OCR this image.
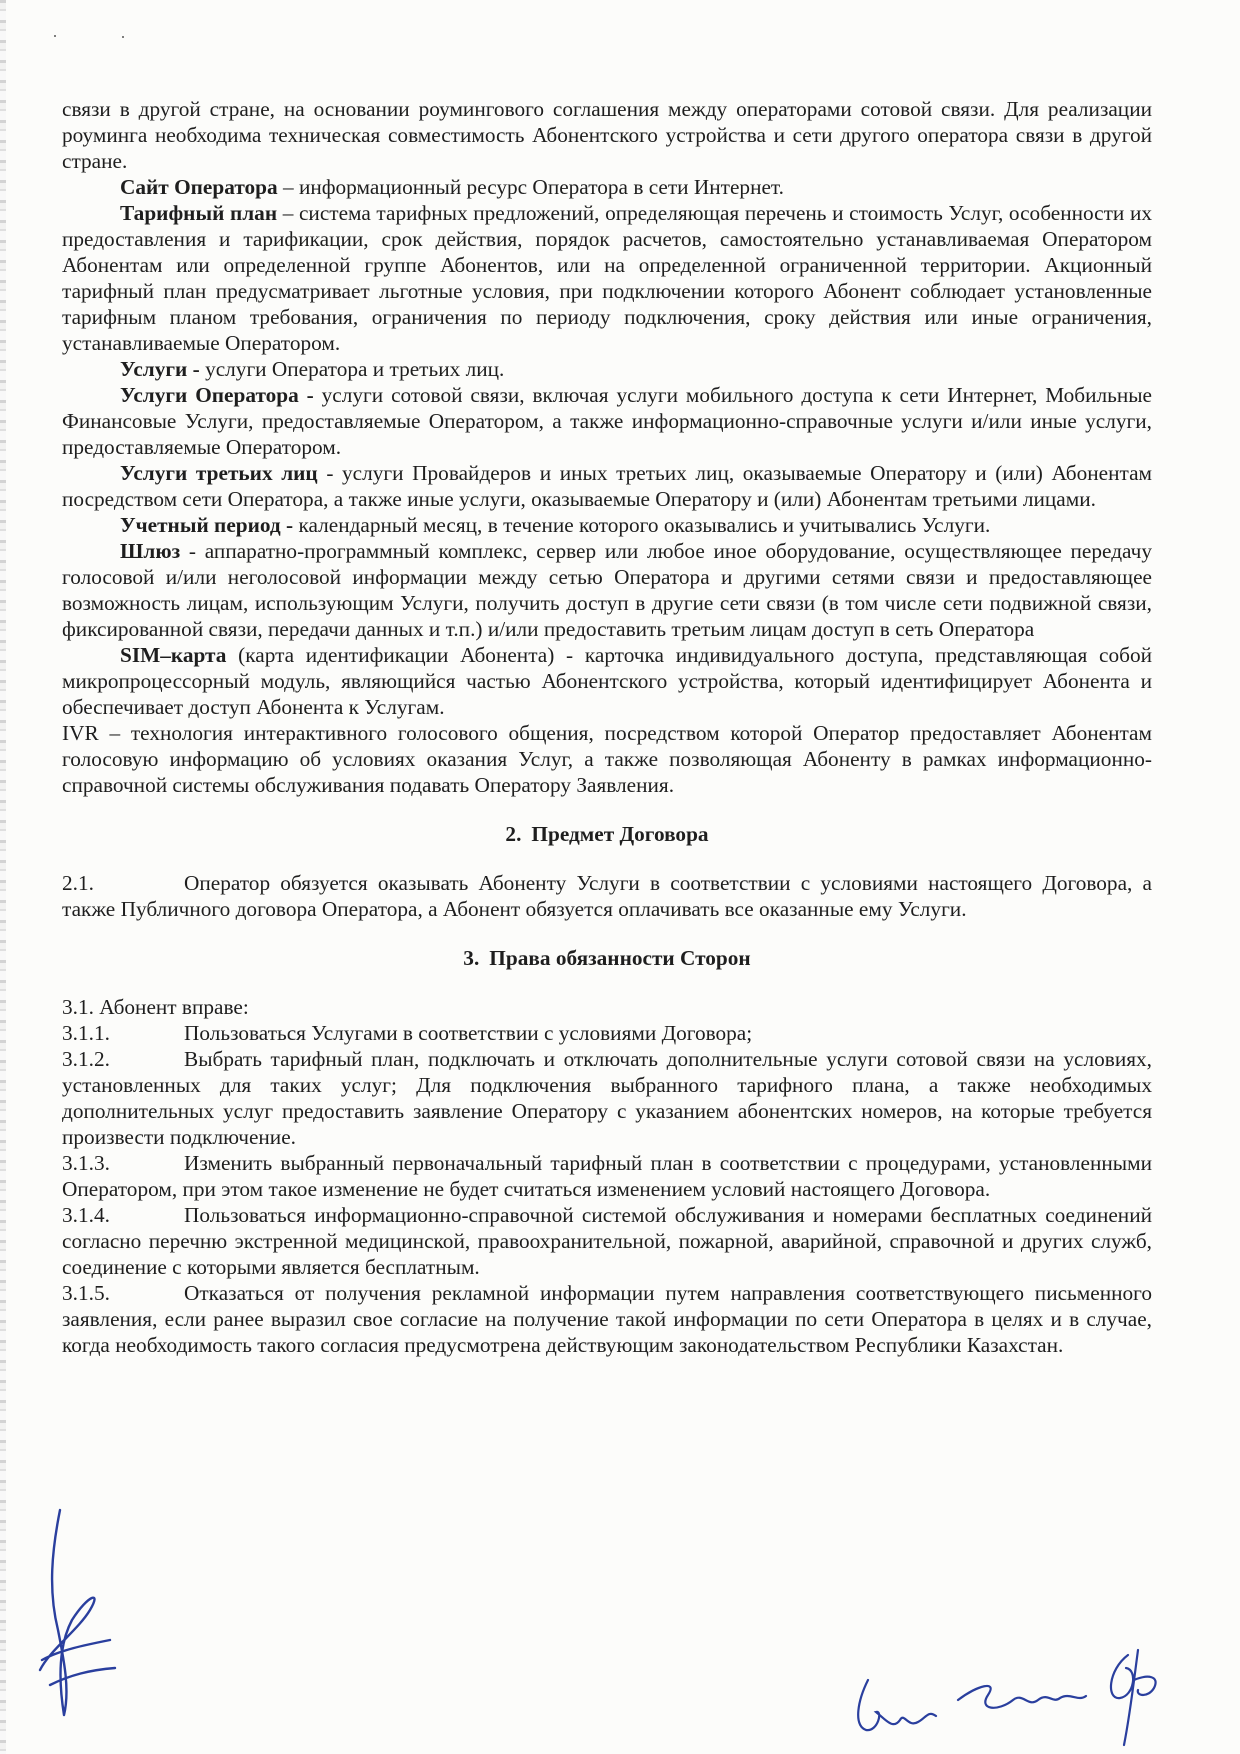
связи в другой стране, на основании роумингового соглашения между операторами сотовой связи. Для реализации роуминга необходима техническая совместимость Абонентского устройства и сети другого оператора связи в другой стране.

Сайт Оператора – информационный ресурс Оператора в сети Интернет.

Тарифный план – система тарифных предложений, определяющая перечень и стоимость Услуг, особенности их предоставления и тарификации, срок действия, порядок расчетов, самостоятельно устанавливаемая Оператором Абонентам или определенной группе Абонентов, или на определенной ограниченной территории. Акционный тарифный план предусматривает льготные условия, при подключении которого Абонент соблюдает установленные тарифным планом требования, ограничения по периоду подключения, сроку действия или иные ограничения, устанавливаемые Оператором.

Услуги - услуги Оператора и третьих лиц.

Услуги Оператора - услуги сотовой связи, включая услуги мобильного доступа к сети Интернет, Мобильные Финансовые Услуги, предоставляемые Оператором, а также информационно-справочные услуги и/или иные услуги, предоставляемые Оператором.

Услуги третьих лиц - услуги Провайдеров и иных третьих лиц, оказываемые Оператору и (или) Абонентам посредством сети Оператора, а также иные услуги, оказываемые Оператору и (или) Абонентам третьими лицами.

Учетный период - календарный месяц, в течение которого оказывались и учитывались Услуги.

Шлюз - аппаратно-программный комплекс, сервер или любое иное оборудование, осуществляющее передачу голосовой и/или неголосовой информации между сетью Оператора и другими сетями связи и предоставляющее возможность лицам, использующим Услуги, получить доступ в другие сети связи (в том числе сети подвижной связи, фиксированной связи, передачи данных и т.п.) и/или предоставить третьим лицам доступ в сеть Оператора

SIM–карта (карта идентификации Абонента) - карточка индивидуального доступа, представляющая собой микропроцессорный модуль, являющийся частью Абонентского устройства, который идентифицирует Абонента и обеспечивает доступ Абонента к Услугам.

IVR – технология интерактивного голосового общения, посредством которой Оператор предоставляет Абонентам голосовую информацию об условиях оказания Услуг, а также позволяющая Абоненту в рамках информационно-справочной системы обслуживания подавать Оператору Заявления.

2. Предмет Договора

2.1.	Оператор обязуется оказывать Абоненту Услуги в соответствии с условиями настоящего Договора, а также Публичного договора Оператора, а Абонент обязуется оплачивать все оказанные ему Услуги.

3. Права обязанности Сторон

3.1. Абонент вправе:

3.1.1.	Пользоваться Услугами в соответствии с условиями Договора;

3.1.2.	Выбрать тарифный план, подключать и отключать дополнительные услуги сотовой связи на условиях, установленных для таких услуг; Для подключения выбранного тарифного плана, а также необходимых дополнительных услуг предоставить заявление Оператору с указанием абонентских номеров, на которые требуется произвести подключение.

3.1.3.	Изменить выбранный первоначальный тарифный план в соответствии с процедурами, установленными Оператором, при этом такое изменение не будет считаться изменением условий настоящего Договора.

3.1.4.	Пользоваться информационно-справочной системой обслуживания и номерами бесплатных соединений согласно перечню экстренной медицинской, правоохранительной, пожарной, аварийной, справочной и других служб, соединение с которыми является бесплатным.

3.1.5.	Отказаться от получения рекламной информации путем направления соответствующего письменного заявления, если ранее выразил свое согласие на получение такой информации по сети Оператора в целях и в случае, когда необходимость такого согласия предусмотрена действующим законодательством Республики Казахстан.
